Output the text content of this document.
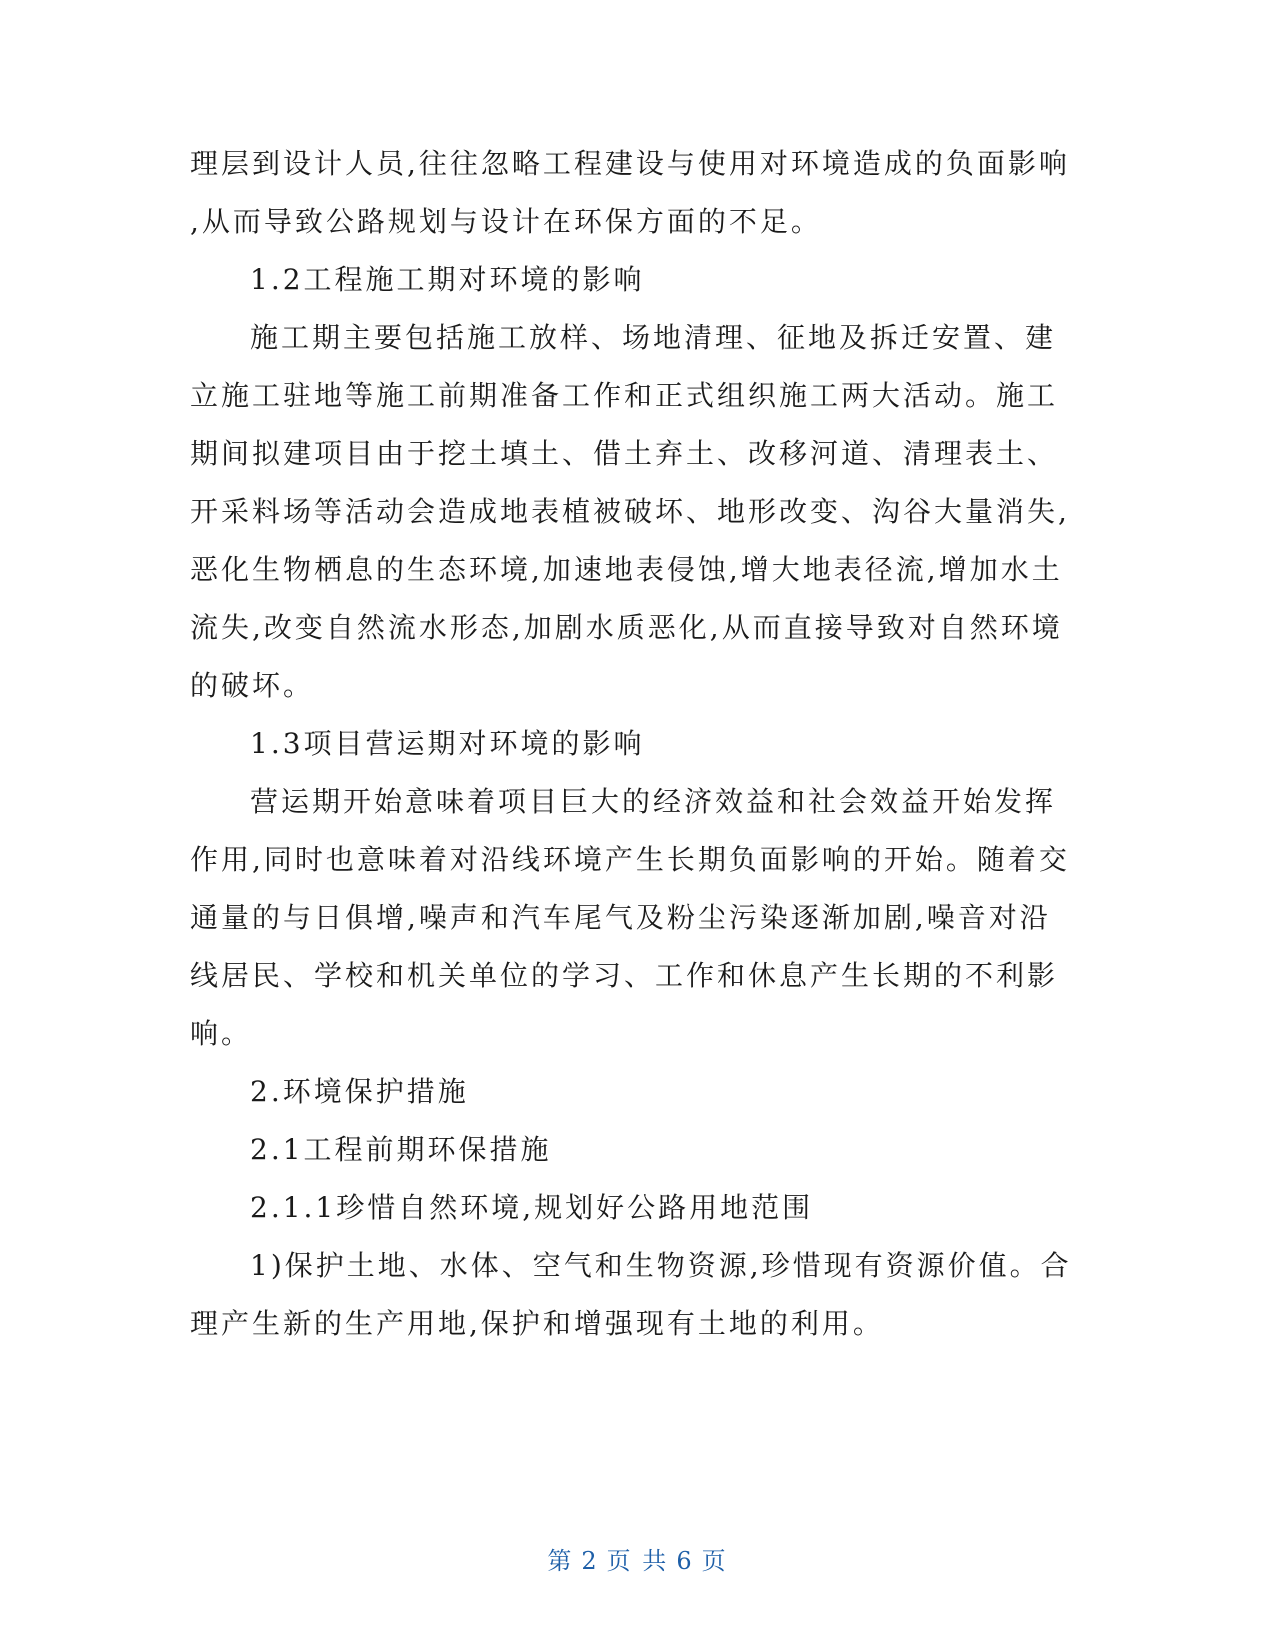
理层到设计人员,往往忽略工程建设与使用对环境造成的负面影响
,从而导致公路规划与设计在环保方面的不足。
1.2工程施工期对环境的影响
施工期主要包括施工放样、场地清理、征地及拆迁安置、建
立施工驻地等施工前期准备工作和正式组织施工两大活动。施工
期间拟建项目由于挖土填土、借土弃土、改移河道、清理表土、
开采料场等活动会造成地表植被破坏、地形改变、沟谷大量消失,
恶化生物栖息的生态环境,加速地表侵蚀,增大地表径流,增加水土
流失,改变自然流水形态,加剧水质恶化,从而直接导致对自然环境
的破坏。
1.3项目营运期对环境的影响
营运期开始意味着项目巨大的经济效益和社会效益开始发挥
作用,同时也意味着对沿线环境产生长期负面影响的开始。随着交
通量的与日俱增,噪声和汽车尾气及粉尘污染逐渐加剧,噪音对沿
线居民、学校和机关单位的学习、工作和休息产生长期的不利影
响。
2.环境保护措施
2.1工程前期环保措施
2.1.1珍惜自然环境,规划好公路用地范围
1)保护土地、水体、空气和生物资源,珍惜现有资源价值。合
理产生新的生产用地,保护和增强现有土地的利用。
第 2 页 共 6 页
